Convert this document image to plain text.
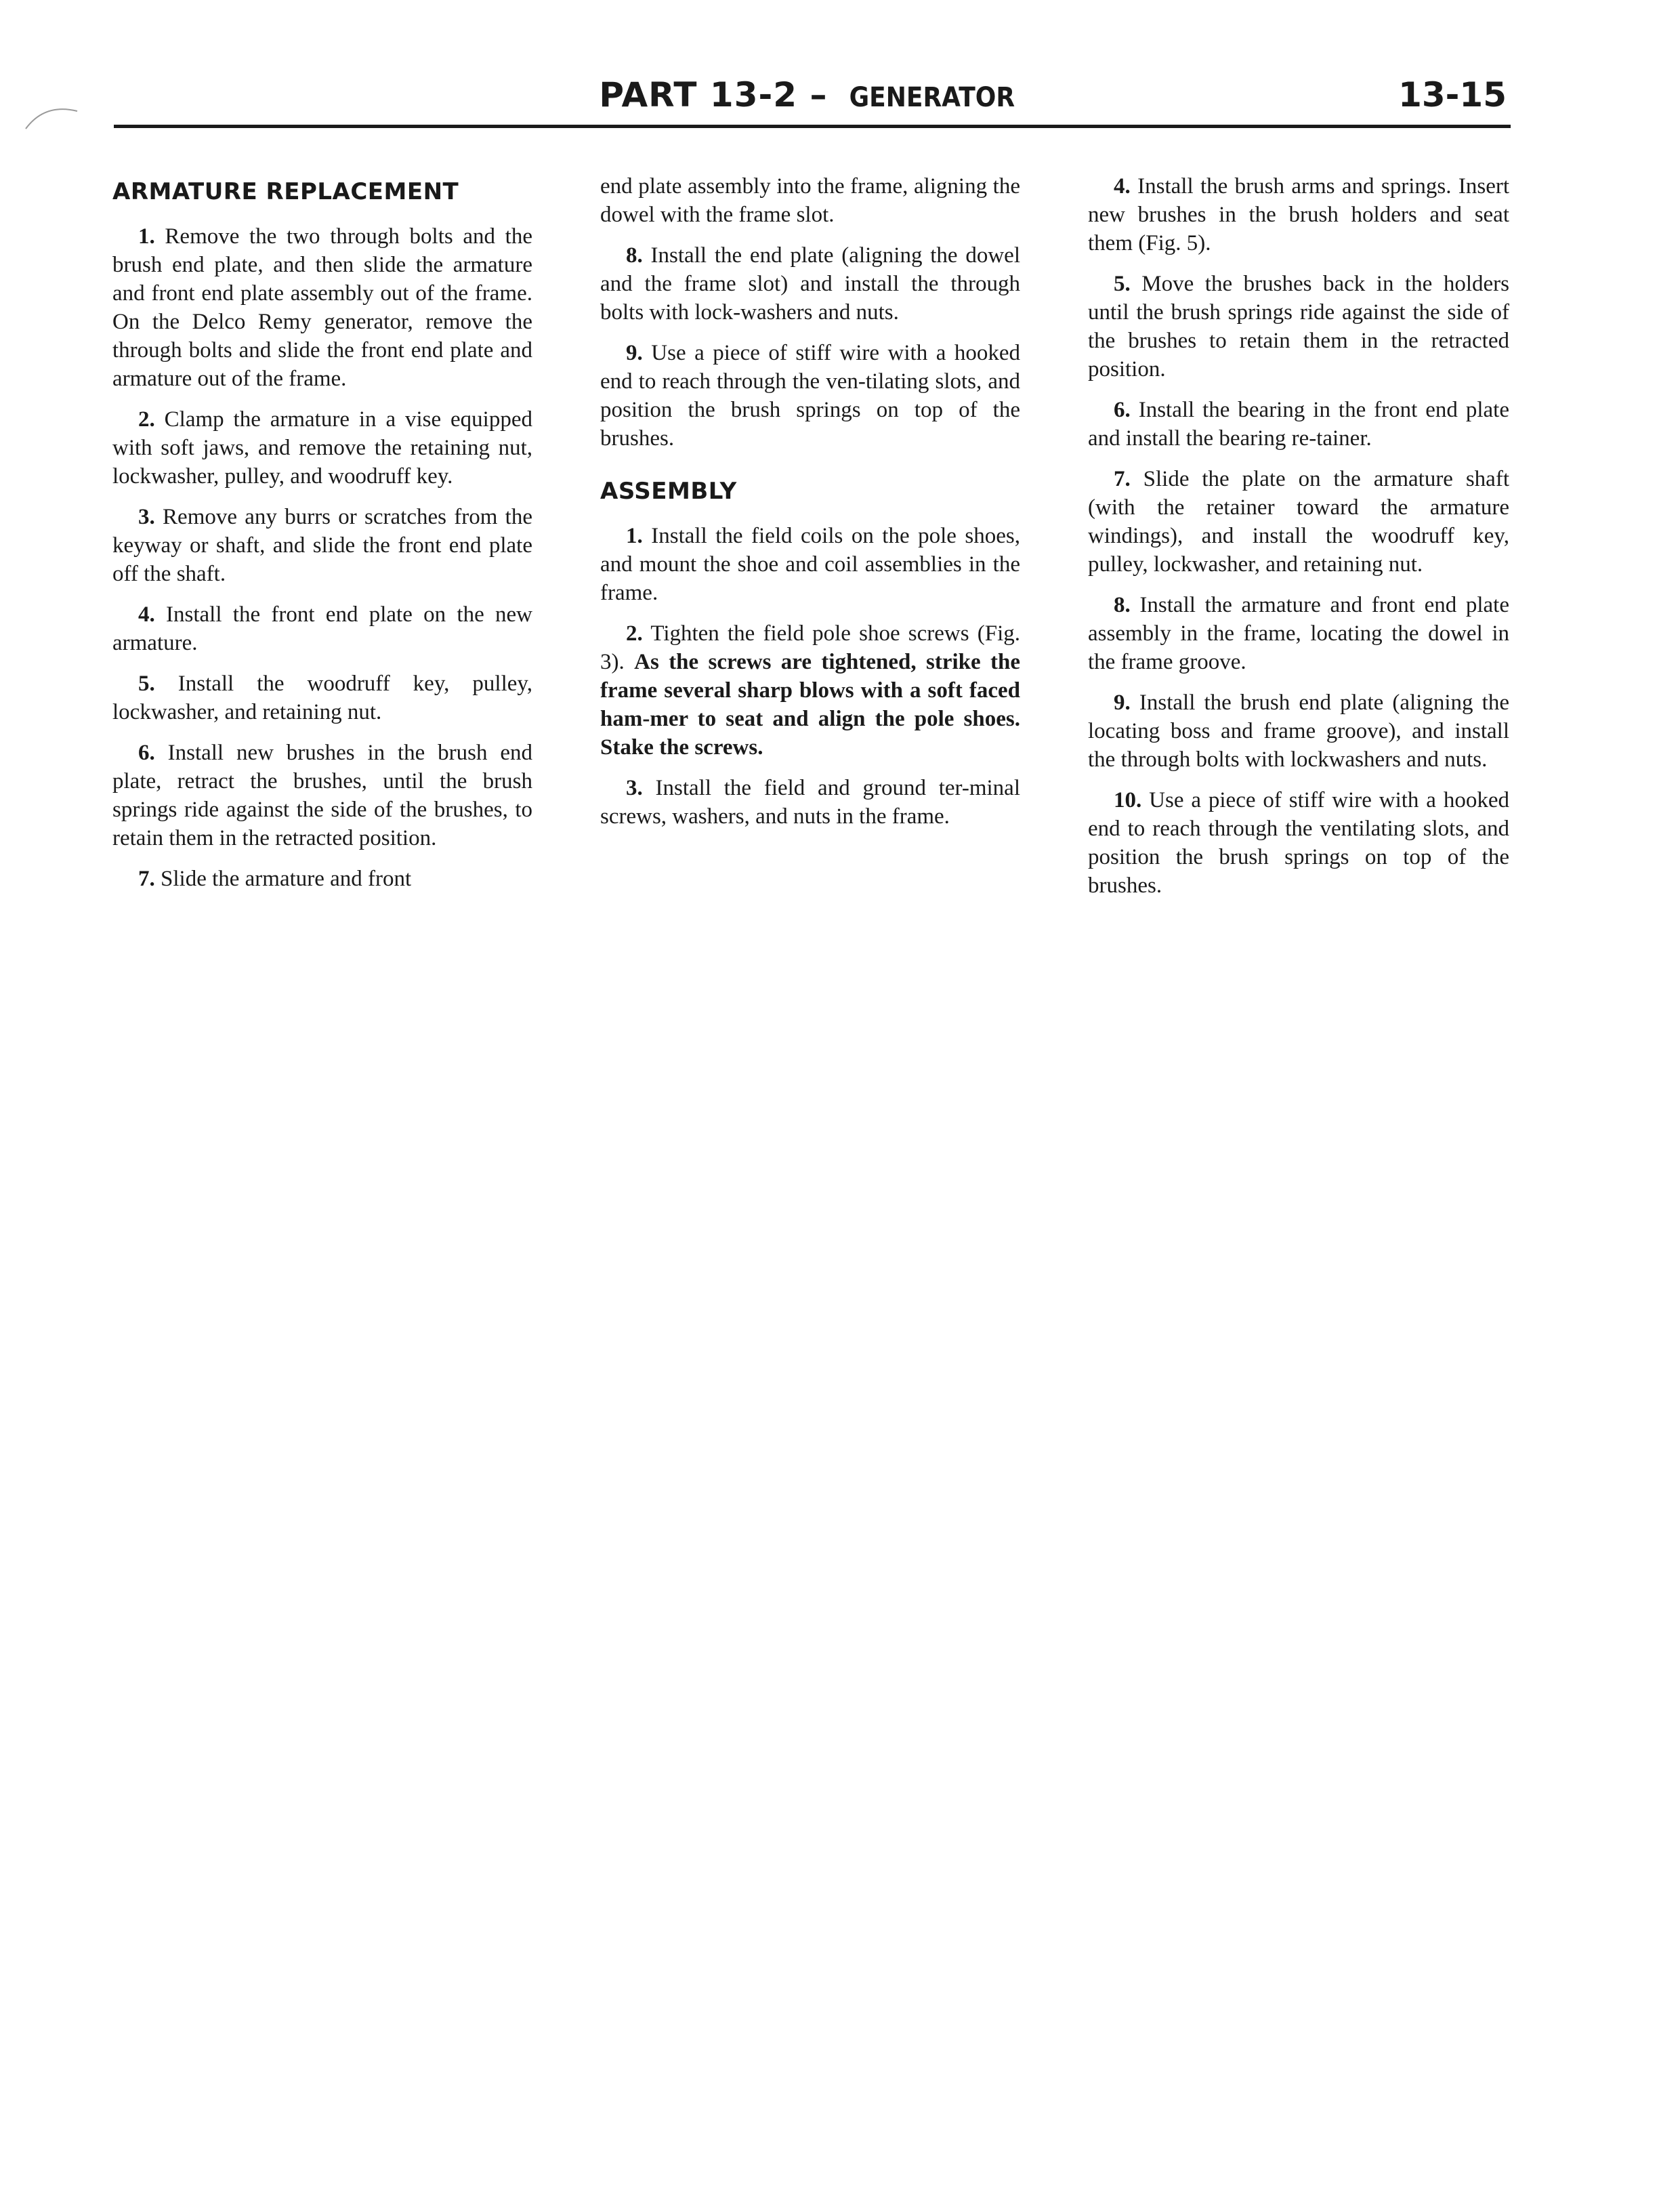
PART 13-2 – GENERATOR	13-15
ARMATURE REPLACEMENT

1. Remove the two through bolts and the brush end plate, and then slide the armature and front end plate assembly out of the frame. On the Delco Remy generator, remove the through bolts and slide the front end plate and armature out of the frame.

2. Clamp the armature in a vise equipped with soft jaws, and remove the retaining nut, lockwasher, pulley, and woodruff key.

3. Remove any burrs or scratches from the keyway or shaft, and slide the front end plate off the shaft.

4. Install the front end plate on the new armature.

5. Install the woodruff key, pulley, lockwasher, and retaining nut.

6. Install new brushes in the brush end plate, retract the brushes, until the brush springs ride against the side of the brushes, to retain them in the retracted position.

7. Slide the armature and front

end plate assembly into the frame, aligning the dowel with the frame slot.

8. Install the end plate (aligning the dowel and the frame slot) and install the through bolts with lock-washers and nuts.

9. Use a piece of stiff wire with a hooked end to reach through the ven-tilating slots, and position the brush springs on top of the brushes.

ASSEMBLY

1. Install the field coils on the pole shoes, and mount the shoe and coil assemblies in the frame.

2. Tighten the field pole shoe screws (Fig. 3). As the screws are tightened, strike the frame several sharp blows with a soft faced ham-mer to seat and align the pole shoes. Stake the screws.

3. Install the field and ground ter-minal screws, washers, and nuts in the frame.

4. Install the brush arms and springs. Insert new brushes in the brush holders and seat them (Fig. 5).

5. Move the brushes back in the holders until the brush springs ride against the side of the brushes to retain them in the retracted position.

6. Install the bearing in the front end plate and install the bearing re-tainer.

7. Slide the plate on the armature shaft (with the retainer toward the armature windings), and install the woodruff key, pulley, lockwasher, and retaining nut.

8. Install the armature and front end plate assembly in the frame, locating the dowel in the frame groove.

9. Install the brush end plate (aligning the locating boss and frame groove), and install the through bolts with lockwashers and nuts.

10. Use a piece of stiff wire with a hooked end to reach through the ventilating slots, and position the brush springs on top of the brushes.
